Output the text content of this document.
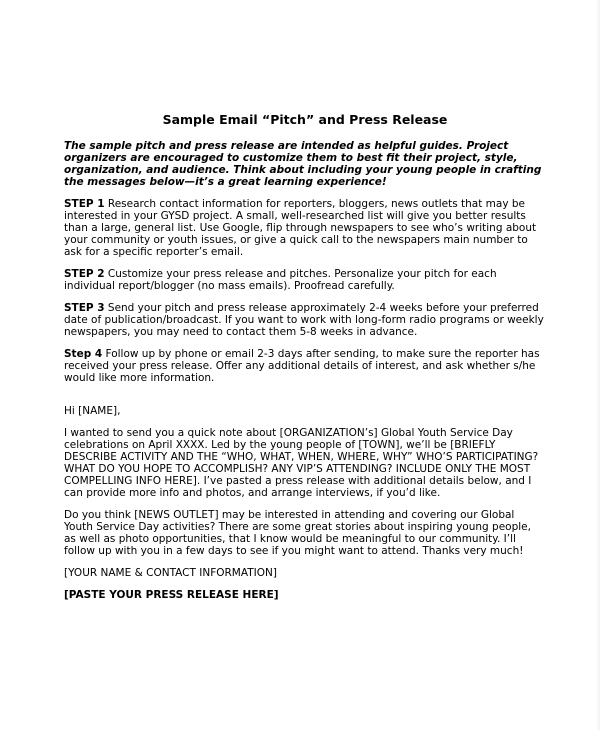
Sample Email “Pitch” and Press Release
The sample pitch and press release are intended as helpful guides. Project organizers are encouraged to customize them to best fit their project, style, organization, and audience. Think about including your young people in crafting the messages below—it’s a great learning experience!
STEP 1 Research contact information for reporters, bloggers, news outlets that may be interested in your GYSD project. A small, well-researched list will give you better results than a large, general list. Use Google, flip through newspapers to see who’s writing about your community or youth issues, or give a quick call to the newspapers main number to ask for a specific reporter’s email.
STEP 2 Customize your press release and pitches. Personalize your pitch for each individual report/blogger (no mass emails). Proofread carefully.
STEP 3 Send your pitch and press release approximately 2-4 weeks before your preferred date of publication/broadcast. If you want to work with long-form radio programs or weekly newspapers, you may need to contact them 5-8 weeks in advance.
Step 4 Follow up by phone or email 2-3 days after sending, to make sure the reporter has received your press release. Offer any additional details of interest, and ask whether s/he would like more information.
Hi [NAME],
I wanted to send you a quick note about [ORGANIZATION’s] Global Youth Service Day celebrations on April XXXX. Led by the young people of [TOWN], we’ll be [BRIEFLY DESCRIBE ACTIVITY AND THE “WHO, WHAT, WHEN, WHERE, WHY” WHO’S PARTICIPATING? WHAT DO YOU HOPE TO ACCOMPLISH? ANY VIP’S ATTENDING? INCLUDE ONLY THE MOST COMPELLING INFO HERE]. I’ve pasted a press release with additional details below, and I can provide more info and photos, and arrange interviews, if you’d like.
Do you think [NEWS OUTLET] may be interested in attending and covering our Global Youth Service Day activities? There are some great stories about inspiring young people, as well as photo opportunities, that I know would be meaningful to our community. I’ll follow up with you in a few days to see if you might want to attend. Thanks very much!
[YOUR NAME & CONTACT INFORMATION]
[PASTE YOUR PRESS RELEASE HERE]
